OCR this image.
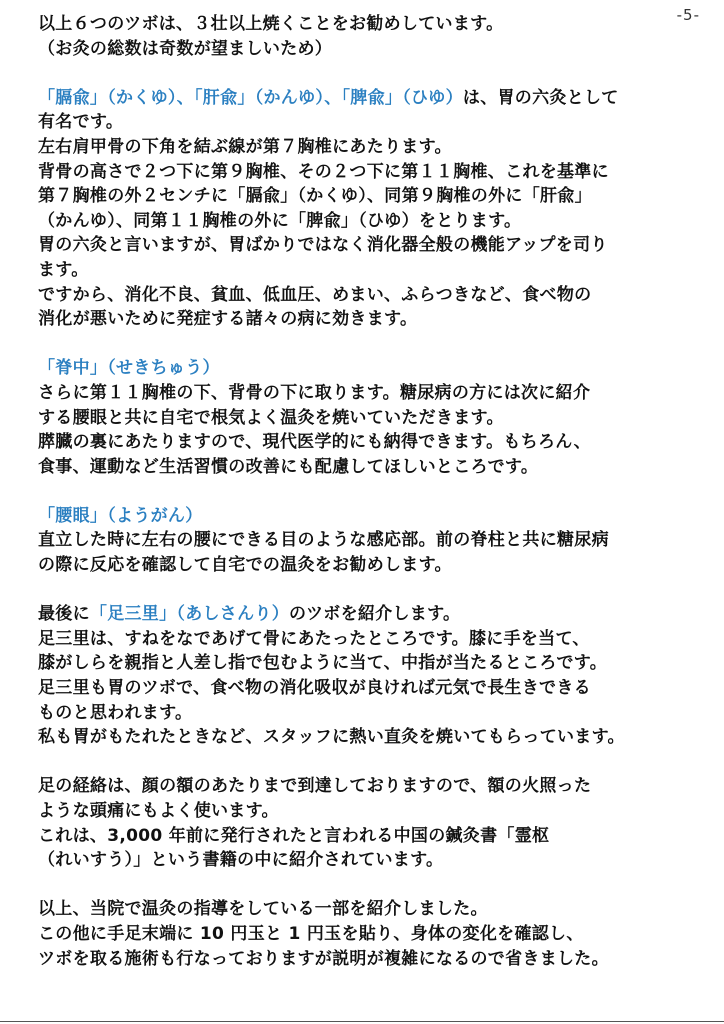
-5-
以上６つのツボは、３壮以上焼くことをお勧めしています。
（お灸の総数は奇数が望ましいため）
「膈兪」（かくゆ）、「肝兪」（かんゆ）、「脾兪」（ひゆ）は、胃の六灸として
有名です。
左右肩甲骨の下角を結ぶ線が第７胸椎にあたります。
背骨の高さで２つ下に第９胸椎、その２つ下に第１１胸椎、これを基準に
第７胸椎の外２センチに「膈兪」（かくゆ）、同第９胸椎の外に「肝兪」
（かんゆ）、同第１１胸椎の外に「脾兪」（ひゆ）をとります。
胃の六灸と言いますが、胃ばかりではなく消化器全般の機能アップを司り
ます。
ですから、消化不良、貧血、低血圧、めまい、ふらつきなど、食べ物の
消化が悪いために発症する諸々の病に効きます。
「脊中」（せきちゅう）
さらに第１１胸椎の下、背骨の下に取ります。糖尿病の方には次に紹介
する腰眼と共に自宅で根気よく温灸を焼いていただきます。
膵臓の裏にあたりますので、現代医学的にも納得できます。もちろん、
食事、運動など生活習慣の改善にも配慮してほしいところです。
「腰眼」（ようがん）
直立した時に左右の腰にできる目のような感応部。前の脊柱と共に糖尿病
の際に反応を確認して自宅での温灸をお勧めします。
最後に「足三里」（あしさんり）のツボを紹介します。
足三里は、すねをなであげて骨にあたったところです。膝に手を当て、
膝がしらを親指と人差し指で包むように当て、中指が当たるところです。
足三里も胃のツボで、食べ物の消化吸収が良ければ元気で長生きできる
ものと思われます。
私も胃がもたれたときなど、スタッフに熱い直灸を焼いてもらっています。
足の経絡は、顔の額のあたりまで到達しておりますので、額の火照った
ような頭痛にもよく使います。
これは、3,000 年前に発行されたと言われる中国の鍼灸書「霊枢
（れいすう）」という書籍の中に紹介されています。
以上、当院で温灸の指導をしている一部を紹介しました。
この他に手足末端に 10 円玉と 1 円玉を貼り、身体の変化を確認し、
ツボを取る施術も行なっておりますが説明が複雑になるので省きました。
